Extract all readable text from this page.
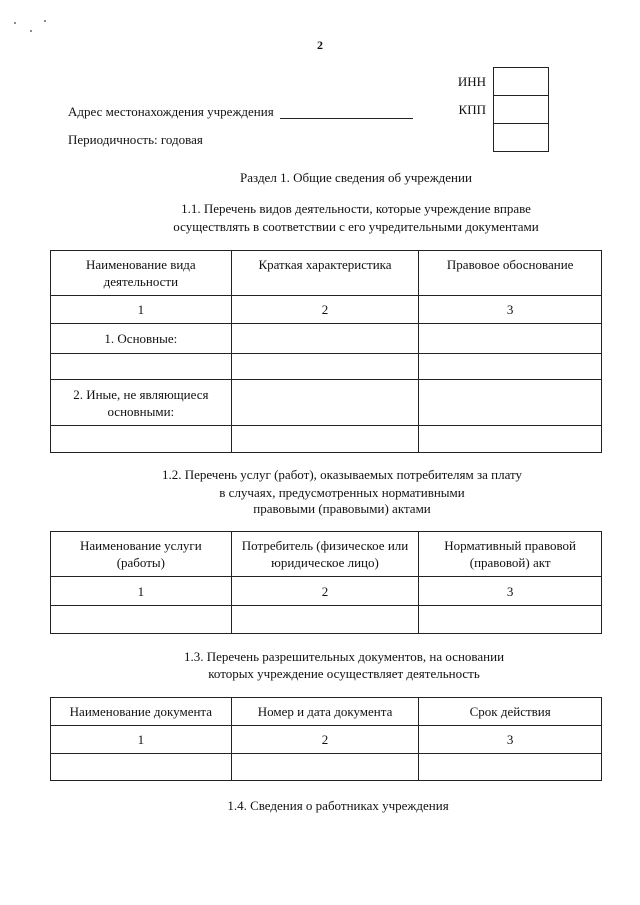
2
ИНН
КПП
Адрес местонахождения учреждения
Периодичность: годовая
Раздел 1. Общие сведения об учреждении
1.1. Перечень видов деятельности, которые учреждение вправе
осуществлять в соответствии с его учредительными документами
Наименование вида деятельности	Краткая характеристика	Правовое обоснование
1	2	3
1. Основные:		

2. Иные, не являющиеся основными:		

1.2. Перечень услуг (работ), оказываемых потребителям за плату
в случаях, предусмотренных нормативными
правовыми (правовыми) актами
Наименование услуги (работы)	Потребитель (физическое или юридическое лицо)	Нормативный правовой (правовой) акт
1	2	3

1.3. Перечень разрешительных документов, на основании
которых учреждение осуществляет деятельность
Наименование документа	Номер и дата документа	Срок действия
1	2	3

1.4. Сведения о работниках учреждения
